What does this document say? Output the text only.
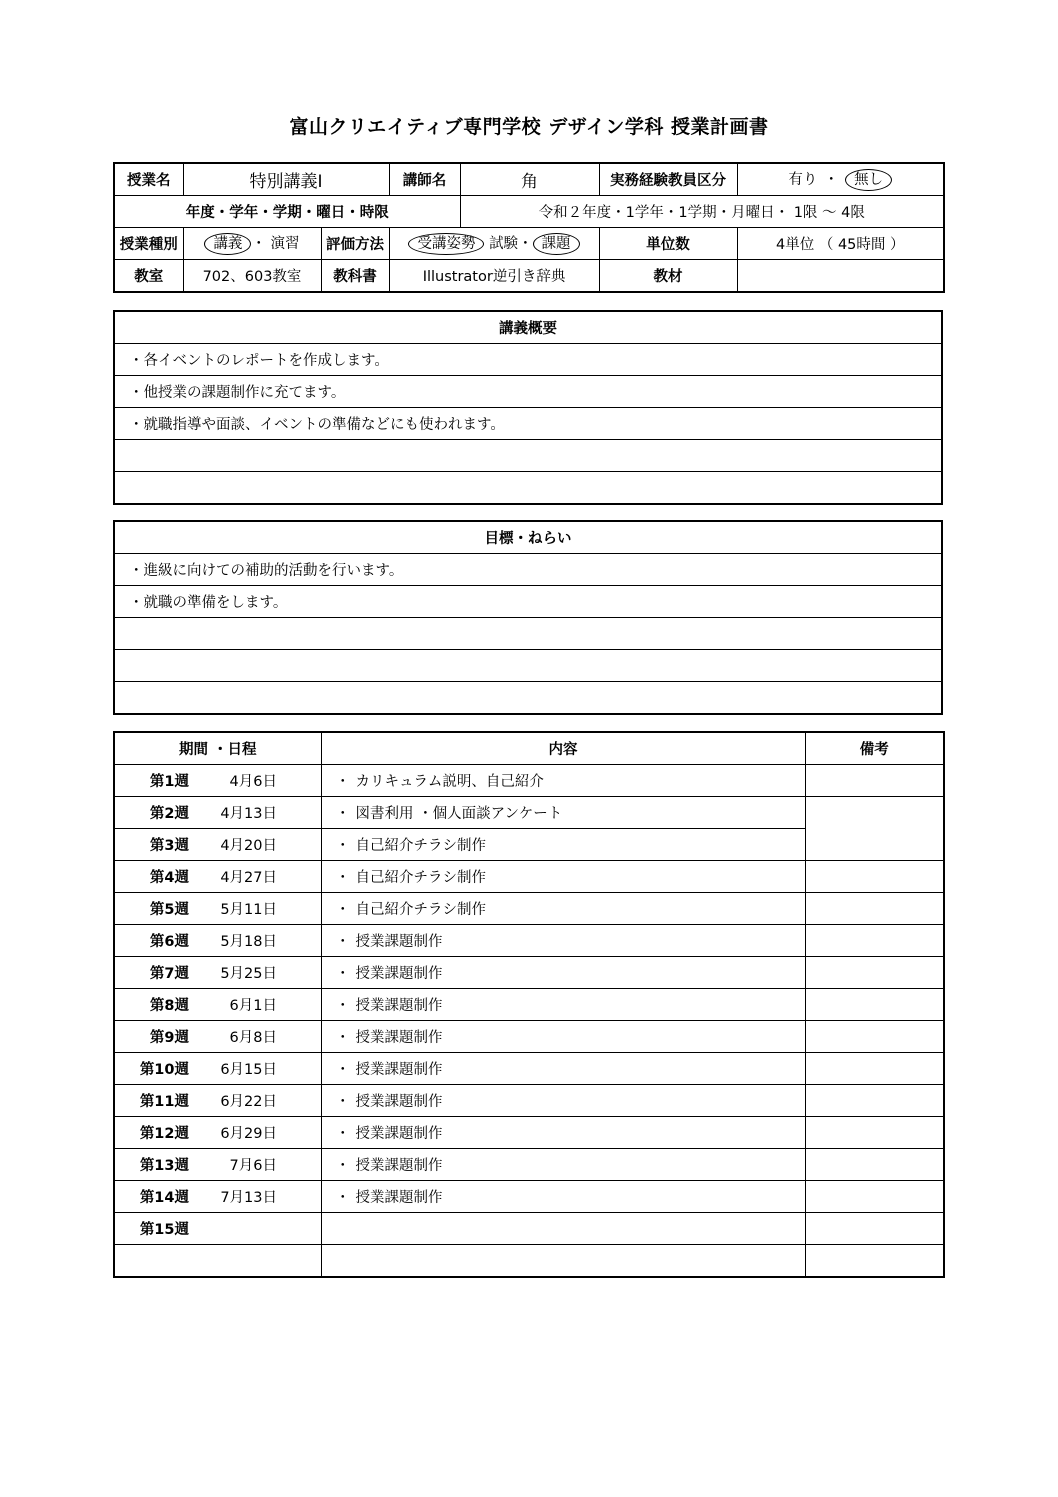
富山クリエイティブ専門学校 デザイン学科 授業計画書
授業名	特別講義Ⅰ		講師名	角	実務経験教員区分	有り ・ 無し
年度・学年・学期・曜日・時限				令和２年度・1学年・1学期・月曜日・ 1限 ～ 4限		
授業種別	講義 ・ 演習	評価方法	受講姿勢 試験・ 課題		単位数	4単位 （ 45時間 ）
教室	702、603教室	教科書	Illustrator逆引き辞典		教材	
講義概要
・各イベントのレポートを作成します。
・他授業の課題制作に充てます。
・就職指導や面談、イベントの準備などにも使われます。

目標・ねらい
・進級に向けての補助的活動を行います。
・就職の準備をします。

期間 ・日程	内容	備考
第1週 4月6日	・ カリキュラム説明、自己紹介	
第2週 4月13日	・ 図書利用 ・個人面談アンケート	
第3週 4月20日	・ 自己紹介チラシ制作	
第4週 4月27日	・ 自己紹介チラシ制作	
第5週 5月11日	・ 自己紹介チラシ制作	
第6週 5月18日	・ 授業課題制作	
第7週 5月25日	・ 授業課題制作	
第8週 6月1日	・ 授業課題制作	
第9週 6月8日	・ 授業課題制作	
第10週 6月15日	・ 授業課題制作	
第11週 6月22日	・ 授業課題制作	
第12週 6月29日	・ 授業課題制作	
第13週 7月6日	・ 授業課題制作	
第14週 7月13日	・ 授業課題制作	
第15週		
